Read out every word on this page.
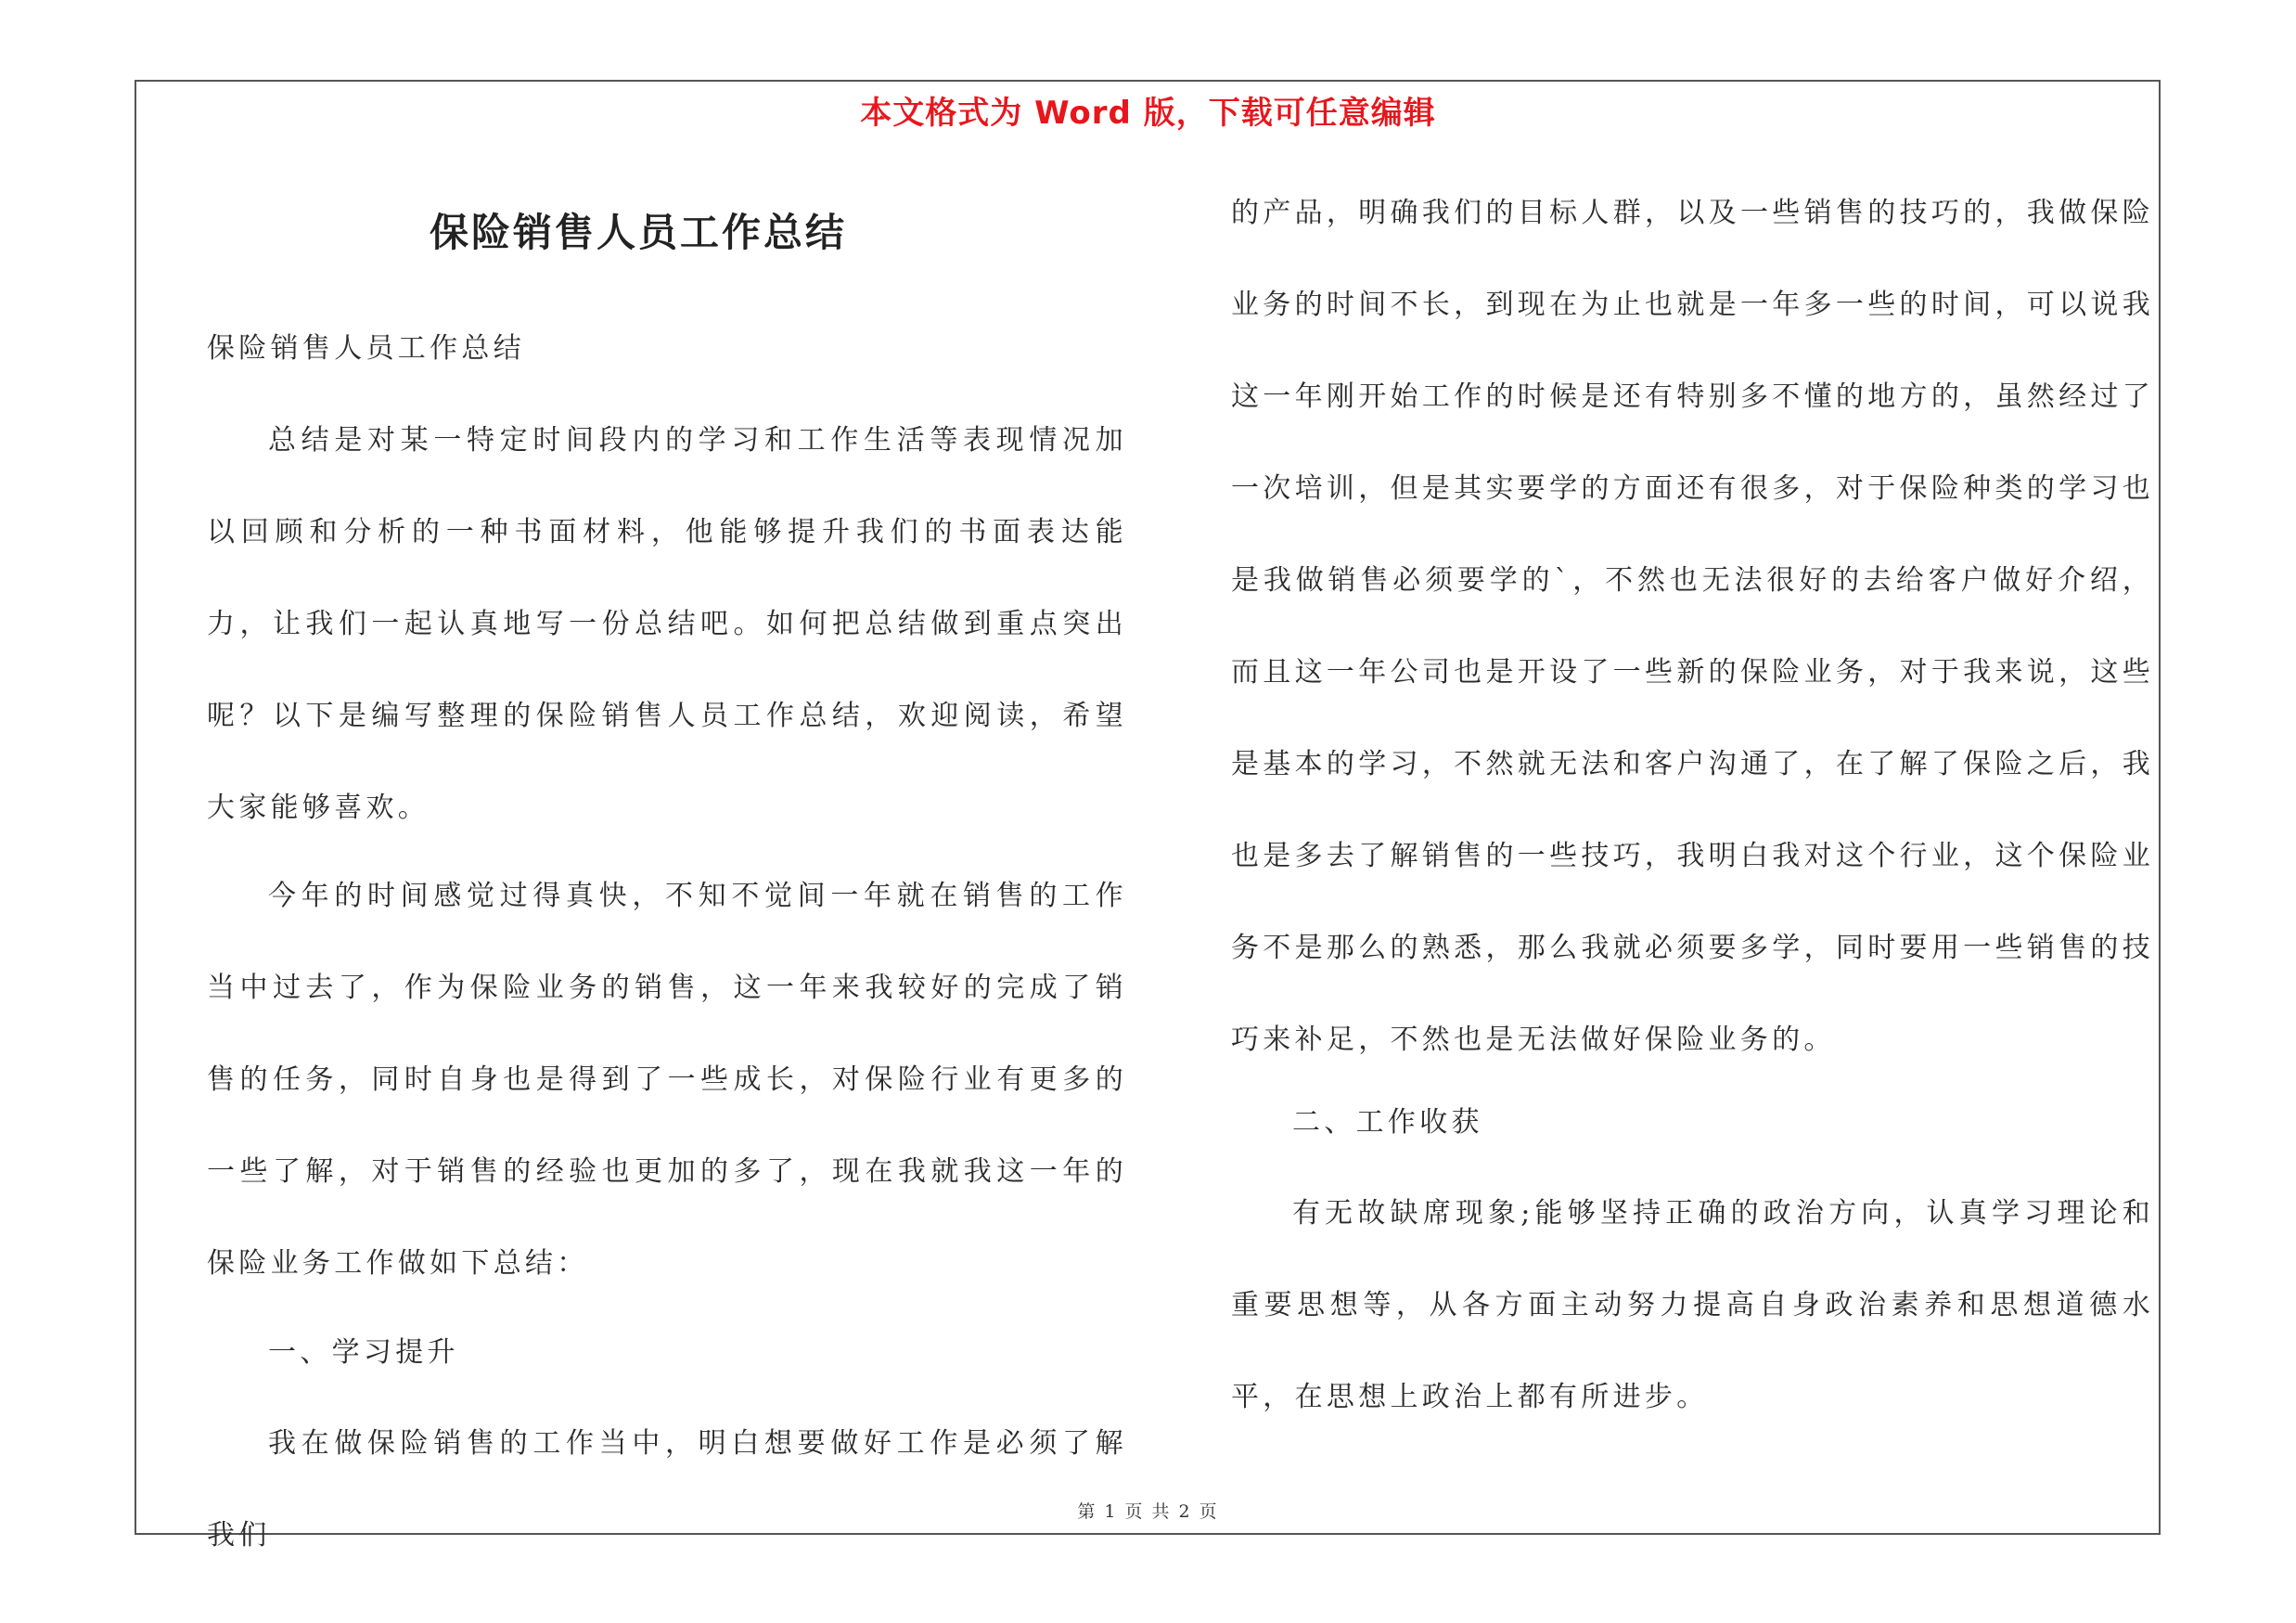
本文格式为 Word 版，下载可任意编辑
保险销售人员工作总结

保险销售人员工作总结

总结是对某一特定时间段内的学习和工作生活等表现情况加以回顾和分析的一种书面材料，他能够提升我们的书面表达能力，让我们一起认真地写一份总结吧。如何把总结做到重点突出呢？以下是编写整理的保险销售人员工作总结，欢迎阅读，希望大家能够喜欢。

今年的时间感觉过得真快，不知不觉间一年就在销售的工作当中过去了，作为保险业务的销售，这一年来我较好的完成了销售的任务，同时自身也是得到了一些成长，对保险行业有更多的一些了解，对于销售的经验也更加的多了，现在我就我这一年的保险业务工作做如下总结：

一、学习提升

我在做保险销售的工作当中，明白想要做好工作是必须了解我们

的产品，明确我们的目标人群，以及一些销售的技巧的，我做保险业务的时间不长，到现在为止也就是一年多一些的时间，可以说我这一年刚开始工作的时候是还有特别多不懂的地方的，虽然经过了一次培训，但是其实要学的方面还有很多，对于保险种类的学习也是我做销售必须要学的`，不然也无法很好的去给客户做好介绍，而且这一年公司也是开设了一些新的保险业务，对于我来说，这些是基本的学习，不然就无法和客户沟通了，在了解了保险之后，我也是多去了解销售的一些技巧，我明白我对这个行业，这个保险业务不是那么的熟悉，那么我就必须要多学，同时要用一些销售的技巧来补足，不然也是无法做好保险业务的。

二、工作收获

有无故缺席现象;能够坚持正确的政治方向，认真学习理论和重要思想等，从各方面主动努力提高自身政治素养和思想道德水平，在思想上政治上都有所进步。

第 1 页 共 2 页
